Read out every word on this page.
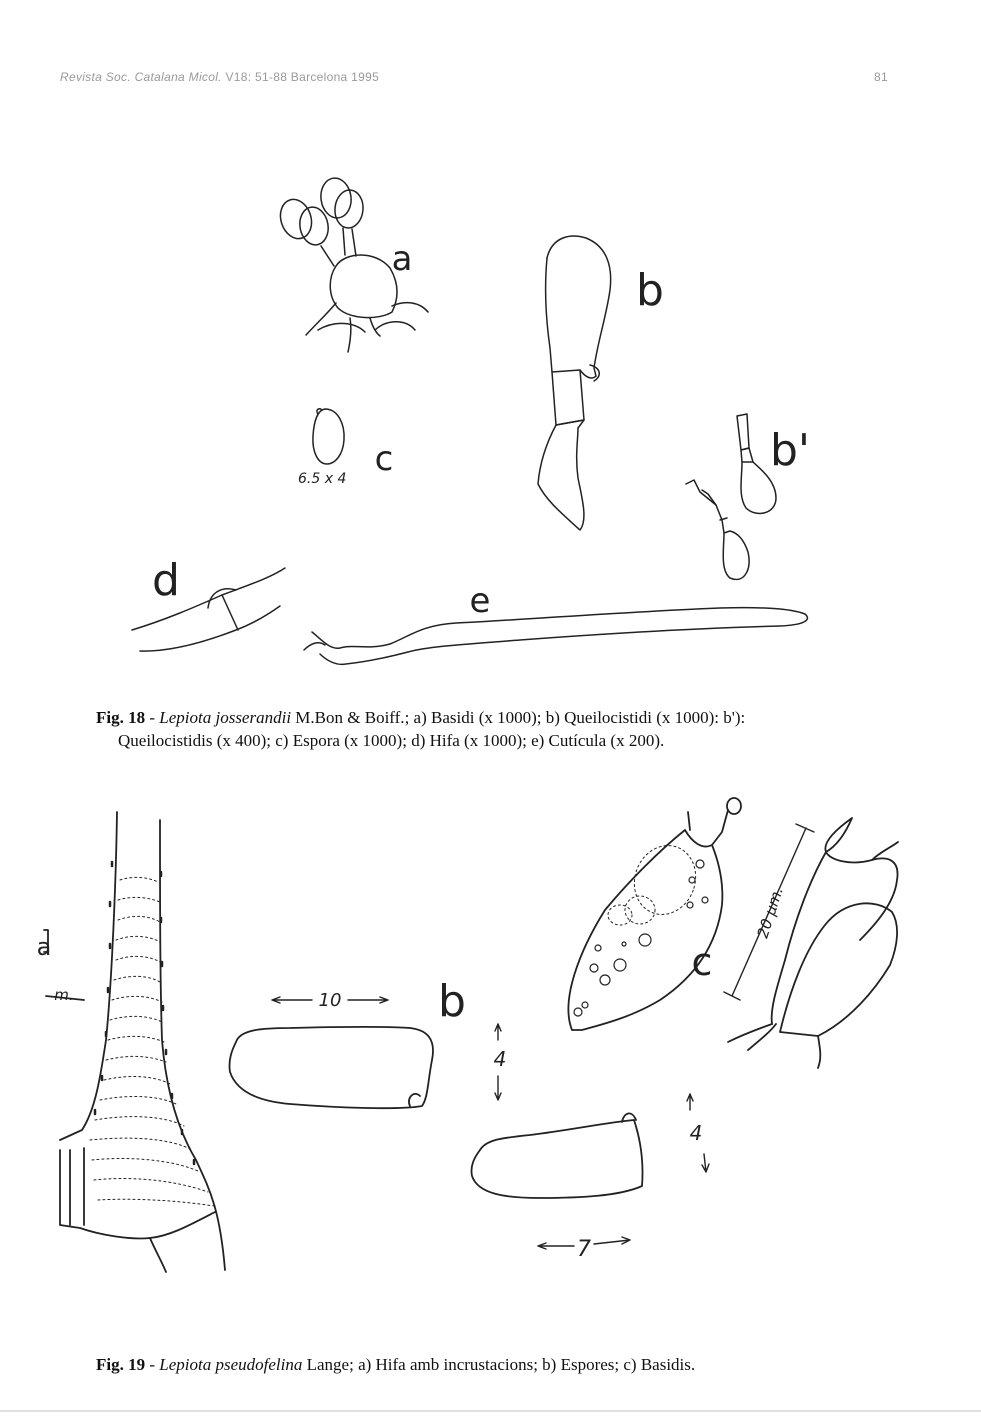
Revista Soc. Catalana Micol. V18: 51-88 Barcelona 1995	81
a
b
b'
c
d	e
6.5 x 4
Fig. 18 - Lepiota josserandii M.Bon & Boiff.; a) Basidi (x 1000); b) Queilocistidi (x 1000): b'):
Queilocistidis (x 400); c) Espora (x 1000); d) Hifa (x 1000); e) Cutícula (x 200).
a
b
c
m.
20 µm.
10
4
4
7
Fig. 19 - Lepiota pseudofelina Lange; a) Hifa amb incrustacions; b) Espores; c) Basidis.
